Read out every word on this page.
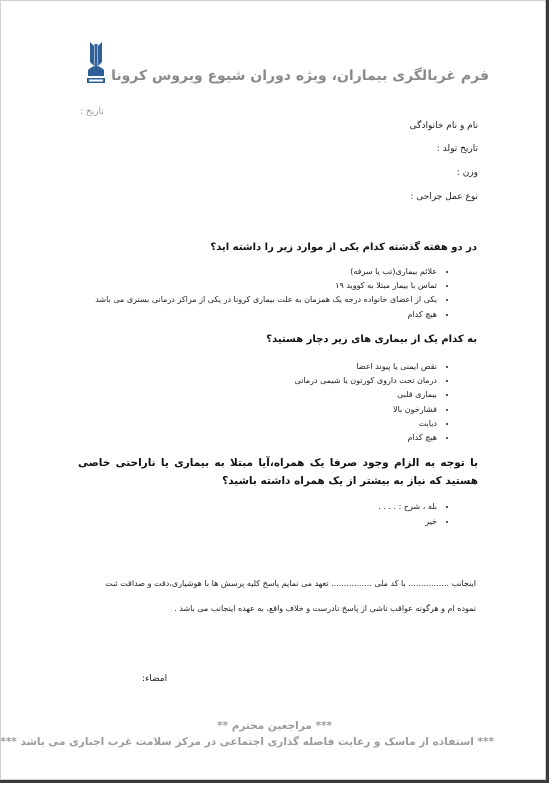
فرم غربالگری بیماران، ویژه دوران شیوع ویروس کرونا
تاریخ :
نام و نام خانوادگی
تاریخ تولد :
وزن :
نوع عمل جراحی :
در دو هفته گذشته کدام یکی از موارد زیر را داشته اید؟
• علائم بیماری(تب یا سرفه)
• تماس با بیمار مبتلا به کووید ۱۹
• یکی از اعضای خانواده درجه یک همزمان به علت بیماری کرونا در یکی از مراکز درمانی بستری می باشد
• هیچ کدام
به کدام یک از بیماری های زیر دچار هستید؟
• نقص ایمنی یا پیوند اعضا
• درمان تحت داروی کورتون یا شیمی درمانی
• بیماری قلبی
• فشارخون بالا
• دیابت
• هیچ کدام
با توجه به الزام وجود صرفا یک همراه،آیا مبتلا به بیماری یا ناراحتی خاصی هستید که نیاز به بیشتر از یک همراه داشته باشید؟
• بله ، شرح : . . . .
• خیر
اینجانب ................ با کد ملی ................ تعهد می نمایم پاسخ کلیه پرسش ها با هوشیاری،دقت و صداقت ثبت
نموده ام و هرگونه عواقب ناشی از پاسخ نادرست و خلاف واقع، به عهده اینجانب می باشد .
امضاء:
*** مراجعین محترم **
*** استفاده از ماسک و رعایت فاصله گذاری اجتماعی در مرکز سلامت غرب اجباری می باشد ***
